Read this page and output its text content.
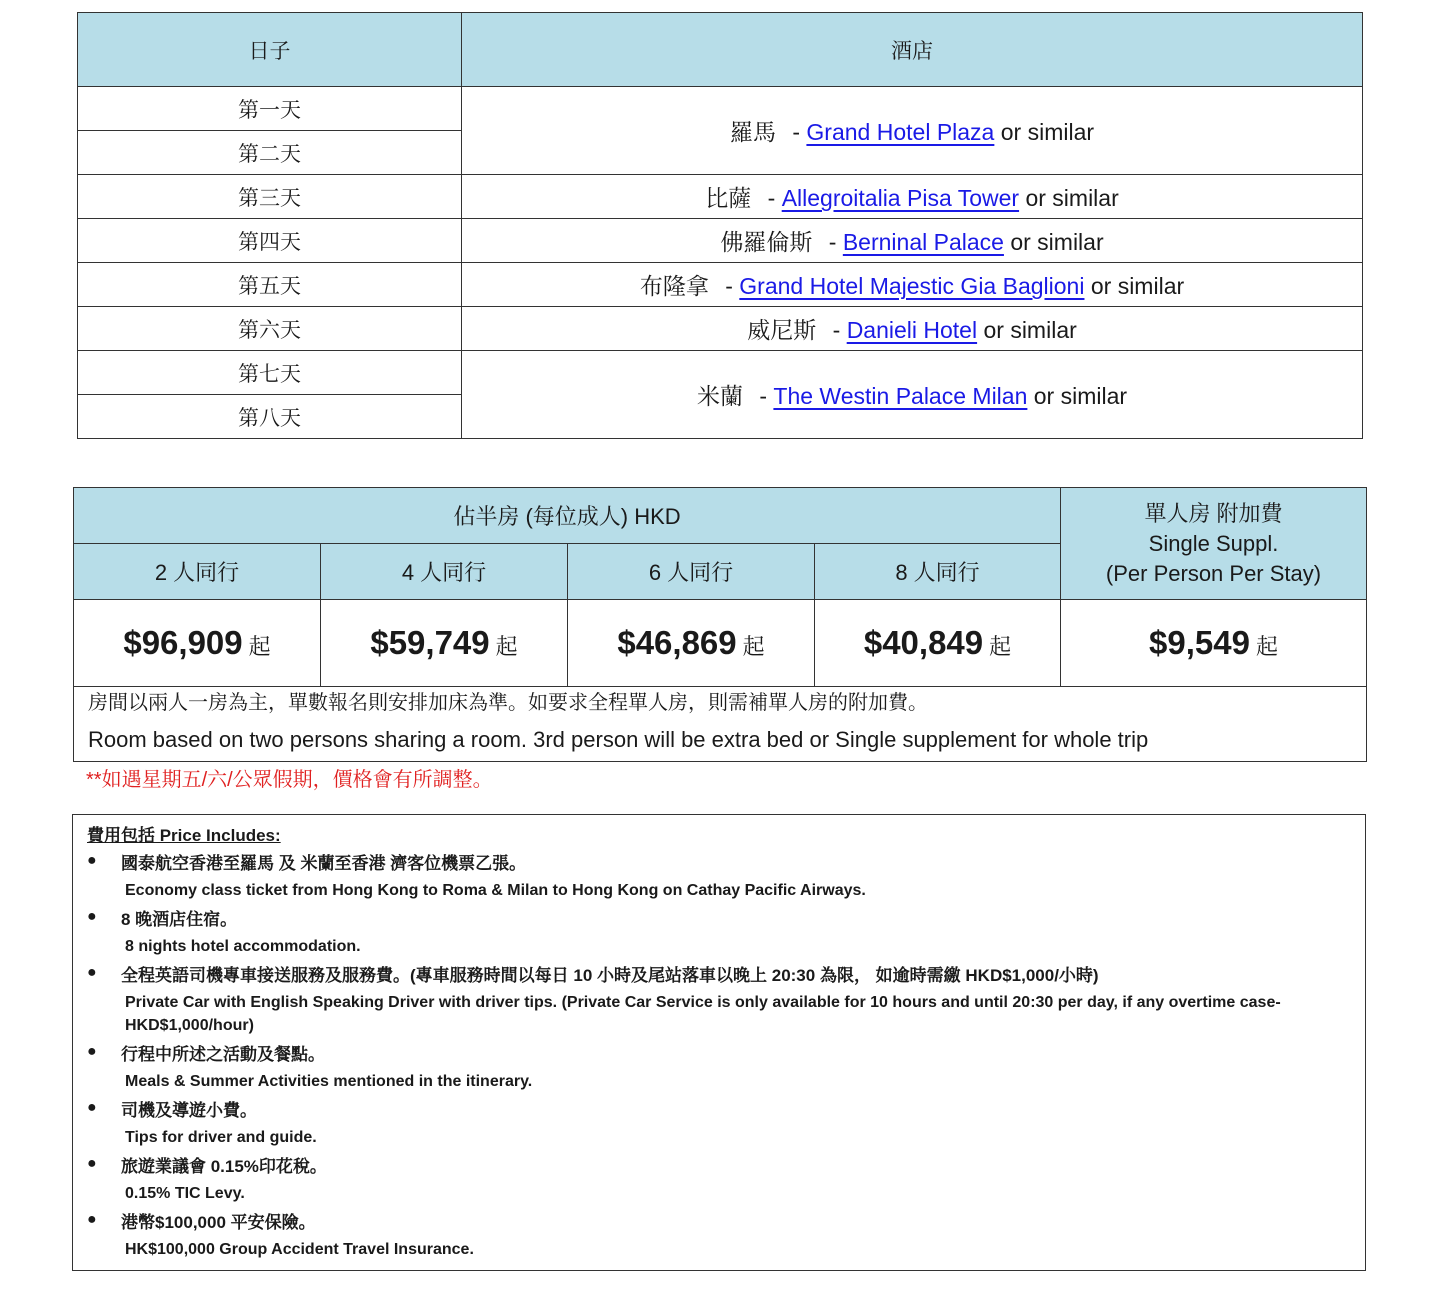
日子	酒店
第一天	羅馬 - Grand Hotel Plaza or similar
第二天	
第三天	比薩 - Allegroitalia Pisa Tower or similar
第四天	佛羅倫斯 - Berninal Palace or similar
第五天	布隆拿 - Grand Hotel Majestic Gia Baglioni or similar
第六天	威尼斯 - Danieli Hotel or similar
第七天	米蘭 - The Westin Palace Milan or similar
第八天	
佔半房 (每位成人) HKD				單人房 附加費
Single Suppl.
(Per Person Per Stay)

2 人同行	4 人同行	6 人同行	8 人同行	
$96,909 起	$59,749 起	$46,869 起	$40,849 起	$9,549 起

房間以兩人一房為主，單數報名則安排加床為準。如要求全程單人房，則需補單人房的附加費。
Room based on two persons sharing a room. 3rd person will be extra bed or Single supplement for whole trip				
**如遇星期五/六/公眾假期，價格會有所調整。
費用包括 Price Includes:
● 國泰航空香港至羅馬 及 米蘭至香港 濟客位機票乙張。
Economy class ticket from Hong Kong to Roma & Milan to Hong Kong on Cathay Pacific Airways.
● 8 晚酒店住宿。
8 nights hotel accommodation.
● 全程英語司機專車接送服務及服務費。(專車服務時間以每日 10 小時及尾站落車以晚上 20:30 為限， 如逾時需繳 HKD$1,000/小時)
Private Car with English Speaking Driver with driver tips. (Private Car Service is only available for 10 hours and until 20:30 per day, if any overtime case-HKD$1,000/hour)
● 行程中所述之活動及餐點。
Meals & Summer Activities mentioned in the itinerary.
● 司機及導遊小費。
Tips for driver and guide.
● 旅遊業議會 0.15%印花稅。
0.15% TIC Levy.
● 港幣$100,000 平安保險。
HK$100,000 Group Accident Travel Insurance.
